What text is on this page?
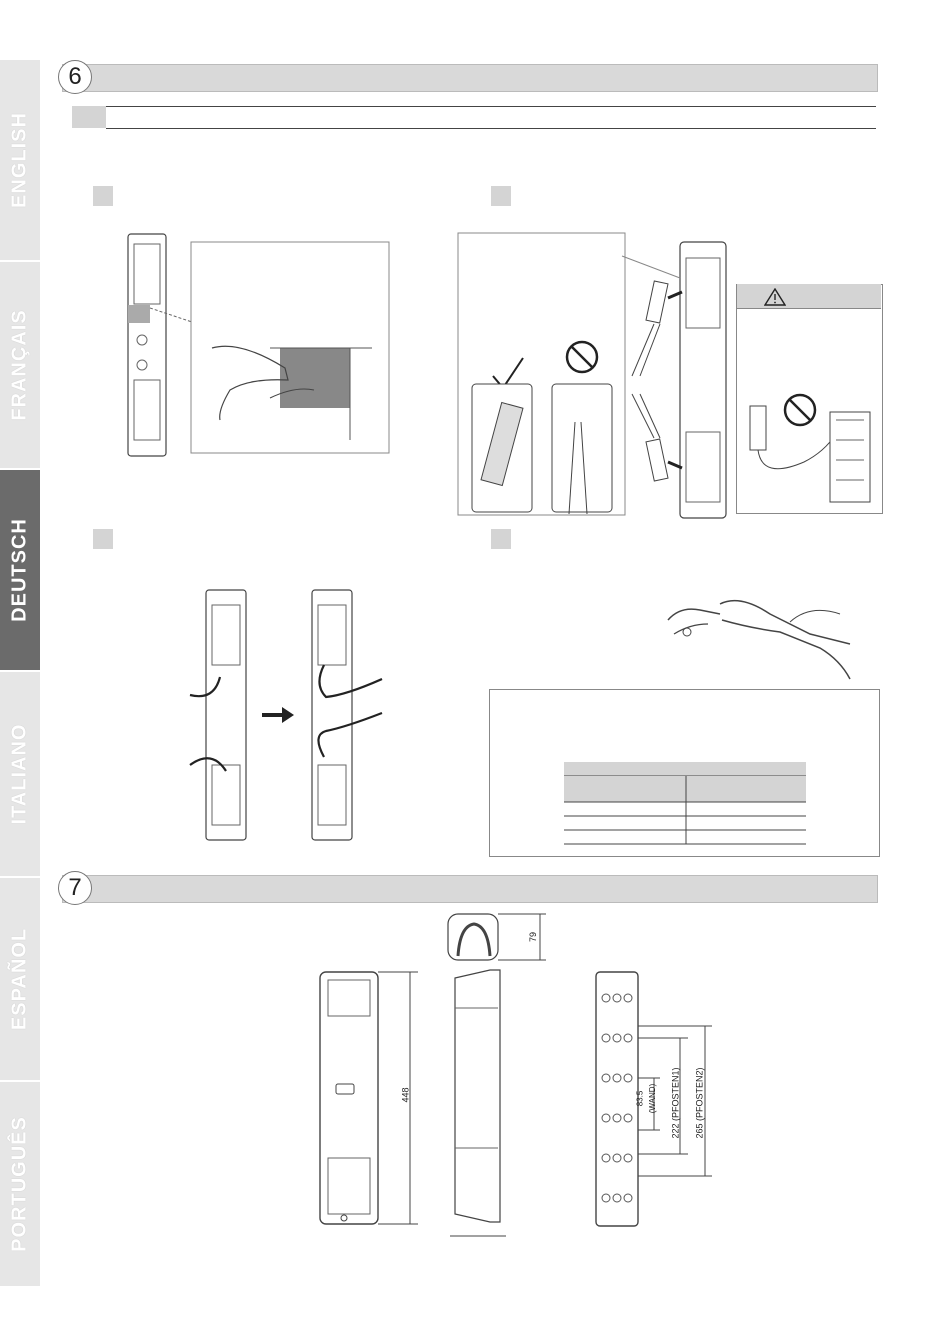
ENGLISH
FRANÇAIS
DEUTSCH
ITALIANO
ESPAÑOL
PORTUGUÊS
6
7
79
448	83.5 (WAND) 222 (PFOSTEN1) 265 (PFOSTEN2)
